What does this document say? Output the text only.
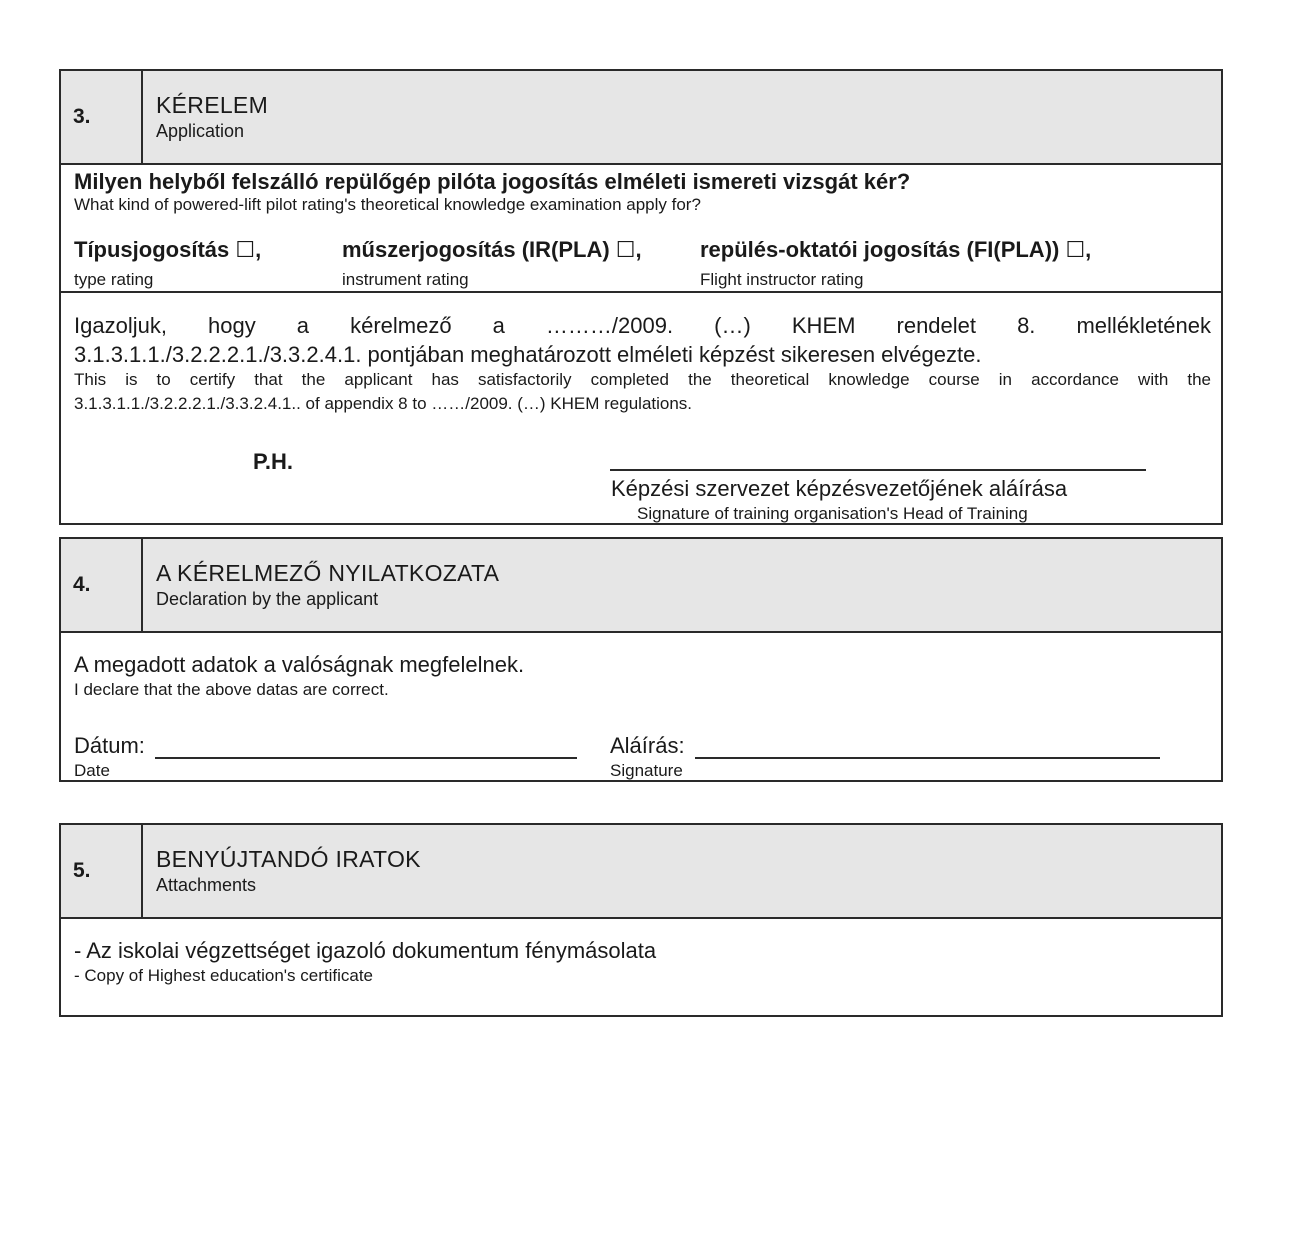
3.	KÉRELEM
Application
Milyen helyből felszálló repülőgép pilóta jogosítás elméleti ismereti vizsgát kér?
What kind of powered-lift pilot rating's theoretical knowledge examination apply for?
Típusjogosítás ☐,
type rating
műszerjogosítás (IR(PLA) ☐,
instrument rating
repülés-oktatói jogosítás (FI(PLA)) ☐,
Flight instructor rating
Igazoljuk, hogy a kérelmező a ………/2009. (…) KHEM rendelet 8. mellékletének
3.1.3.1.1./3.2.2.2.1./3.3.2.4.1. pontjában meghatározott elméleti képzést sikeresen elvégezte.
This is to certify that the applicant has satisfactorily completed the theoretical knowledge course in accordance with the
3.1.3.1.1./3.2.2.2.1./3.3.2.4.1.. of appendix 8 to ……/2009. (…) KHEM regulations.
P.H.
Képzési szervezet képzésvezetőjének aláírása
Signature of training organisation's Head of Training
4.	A KÉRELMEZŐ NYILATKOZATA
Declaration by the applicant
A megadott adatok a valóságnak megfelelnek.
I declare that the above datas are correct.
Dátum:
Date
Aláírás:
Signature
5.	BENYÚJTANDÓ IRATOK
Attachments
- Az iskolai végzettséget igazoló dokumentum fénymásolata
- Copy of Highest education's certificate
